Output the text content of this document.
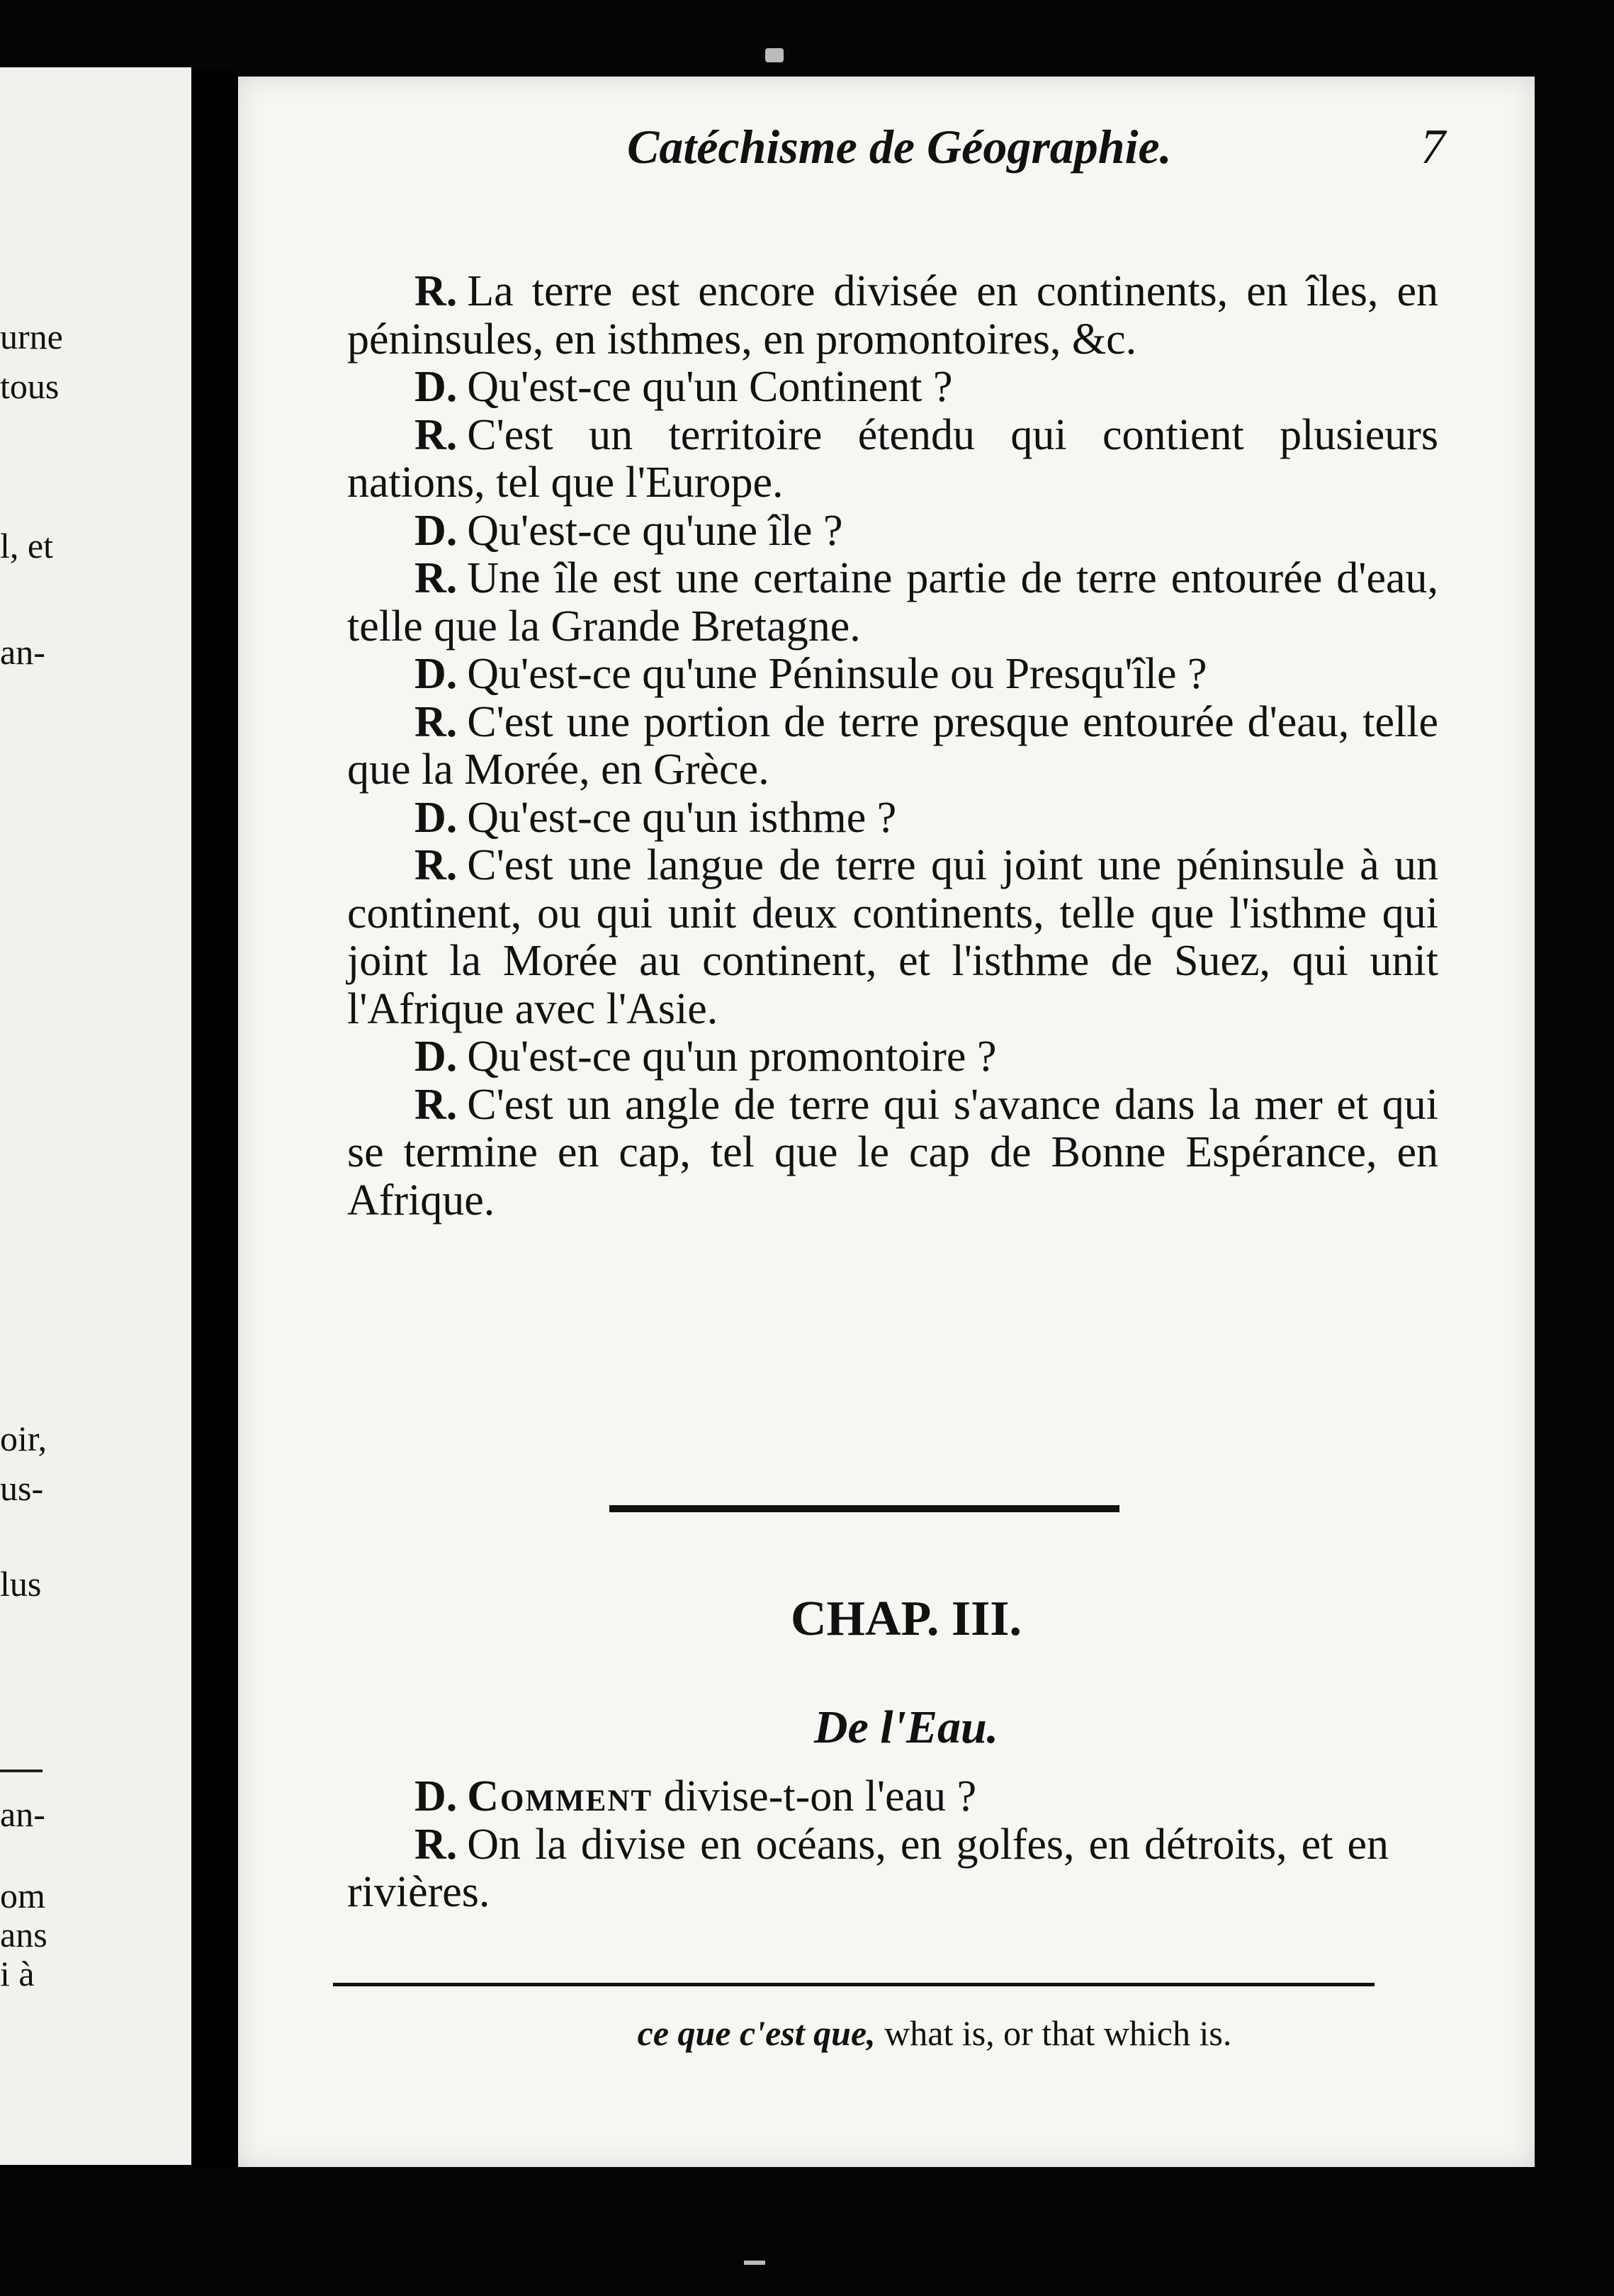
urne
tous
l, et
an-
oir,
us-
lus
an-
om
ans
i à
Catéchisme de Géographie.	7

R. La terre est encore divisée en continents, en îles, en péninsules, en isthmes, en promontoires, &c.

D. Qu'est-ce qu'un Continent ?

R. C'est un territoire étendu qui contient plusieurs nations, tel que l'Europe.

D. Qu'est-ce qu'une île ?

R. Une île est une certaine partie de terre entourée d'eau, telle que la Grande Bretagne.

D. Qu'est-ce qu'une Péninsule ou Presqu'île ?

R. C'est une portion de terre presque entourée d'eau, telle que la Morée, en Grèce.

D. Qu'est-ce qu'un isthme ?

R. C'est une langue de terre qui joint une péninsule à un continent, ou qui unit deux continents, telle que l'isthme qui joint la Morée au continent, et l'isthme de Suez, qui unit l'Afrique avec l'Asie.

D. Qu'est-ce qu'un promontoire ?

R. C'est un angle de terre qui s'avance dans la mer et qui se termine en cap, tel que le cap de Bonne Espérance, en Afrique.

CHAP. III.
De l'Eau.

D. Comment divise-t-on l'eau ?

R. On la divise en océans, en golfes, en détroits, et en rivières.

ce que c'est que, what is, or that which is.
